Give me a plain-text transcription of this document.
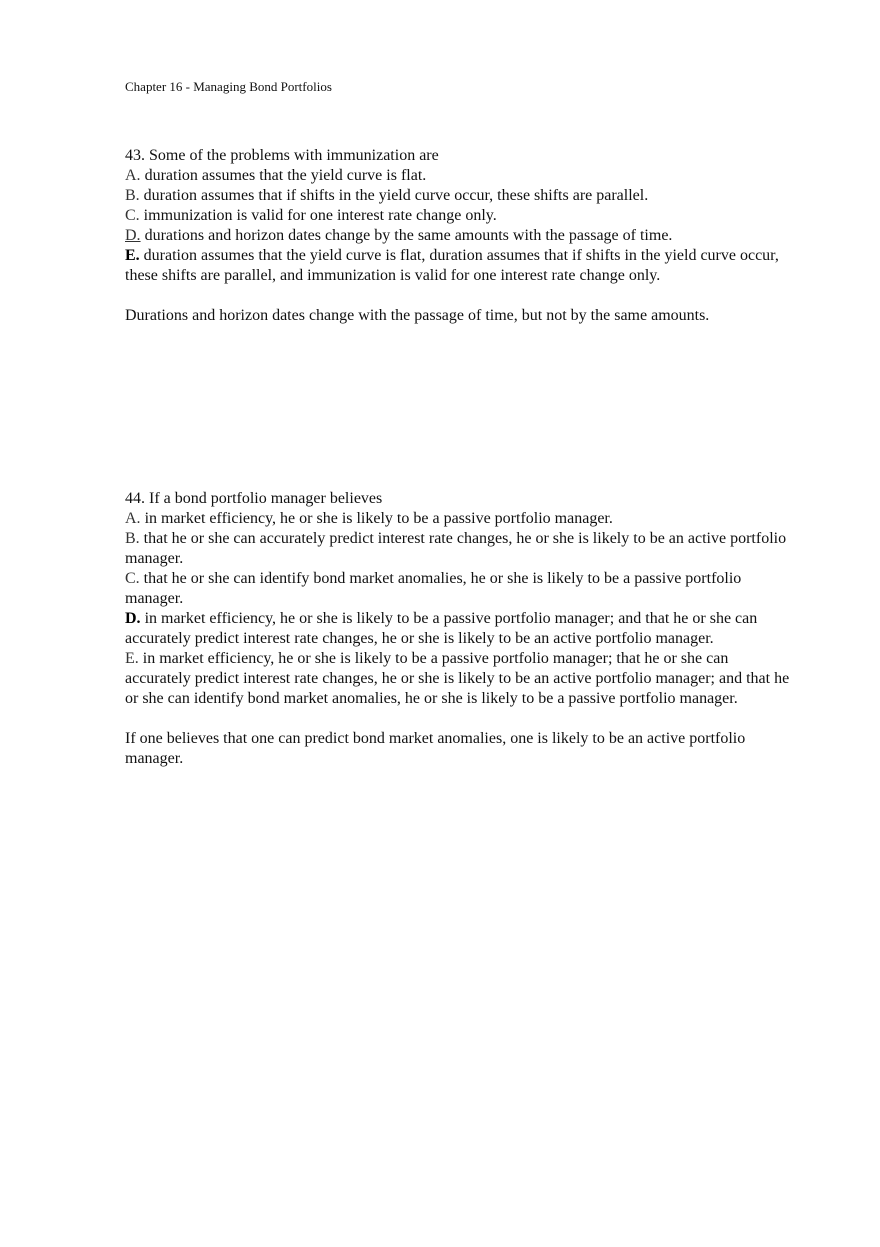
Chapter 16 - Managing Bond Portfolios
43. Some of the problems with immunization are
A. duration assumes that the yield curve is flat.
B. duration assumes that if shifts in the yield curve occur, these shifts are parallel.
C. immunization is valid for one interest rate change only.
D. durations and horizon dates change by the same amounts with the passage of time.
E. duration assumes that the yield curve is flat, duration assumes that if shifts in the yield curve occur, these shifts are parallel, and immunization is valid for one interest rate change only.
Durations and horizon dates change with the passage of time, but not by the same amounts.
44. If a bond portfolio manager believes
A. in market efficiency, he or she is likely to be a passive portfolio manager.
B. that he or she can accurately predict interest rate changes, he or she is likely to be an active portfolio manager.
C. that he or she can identify bond market anomalies, he or she is likely to be a passive portfolio manager.
D. in market efficiency, he or she is likely to be a passive portfolio manager; and that he or she can accurately predict interest rate changes, he or she is likely to be an active portfolio manager.
E. in market efficiency, he or she is likely to be a passive portfolio manager; that he or she can accurately predict interest rate changes, he or she is likely to be an active portfolio manager; and that he or she can identify bond market anomalies, he or she is likely to be a passive portfolio manager.
If one believes that one can predict bond market anomalies, one is likely to be an active portfolio manager.
